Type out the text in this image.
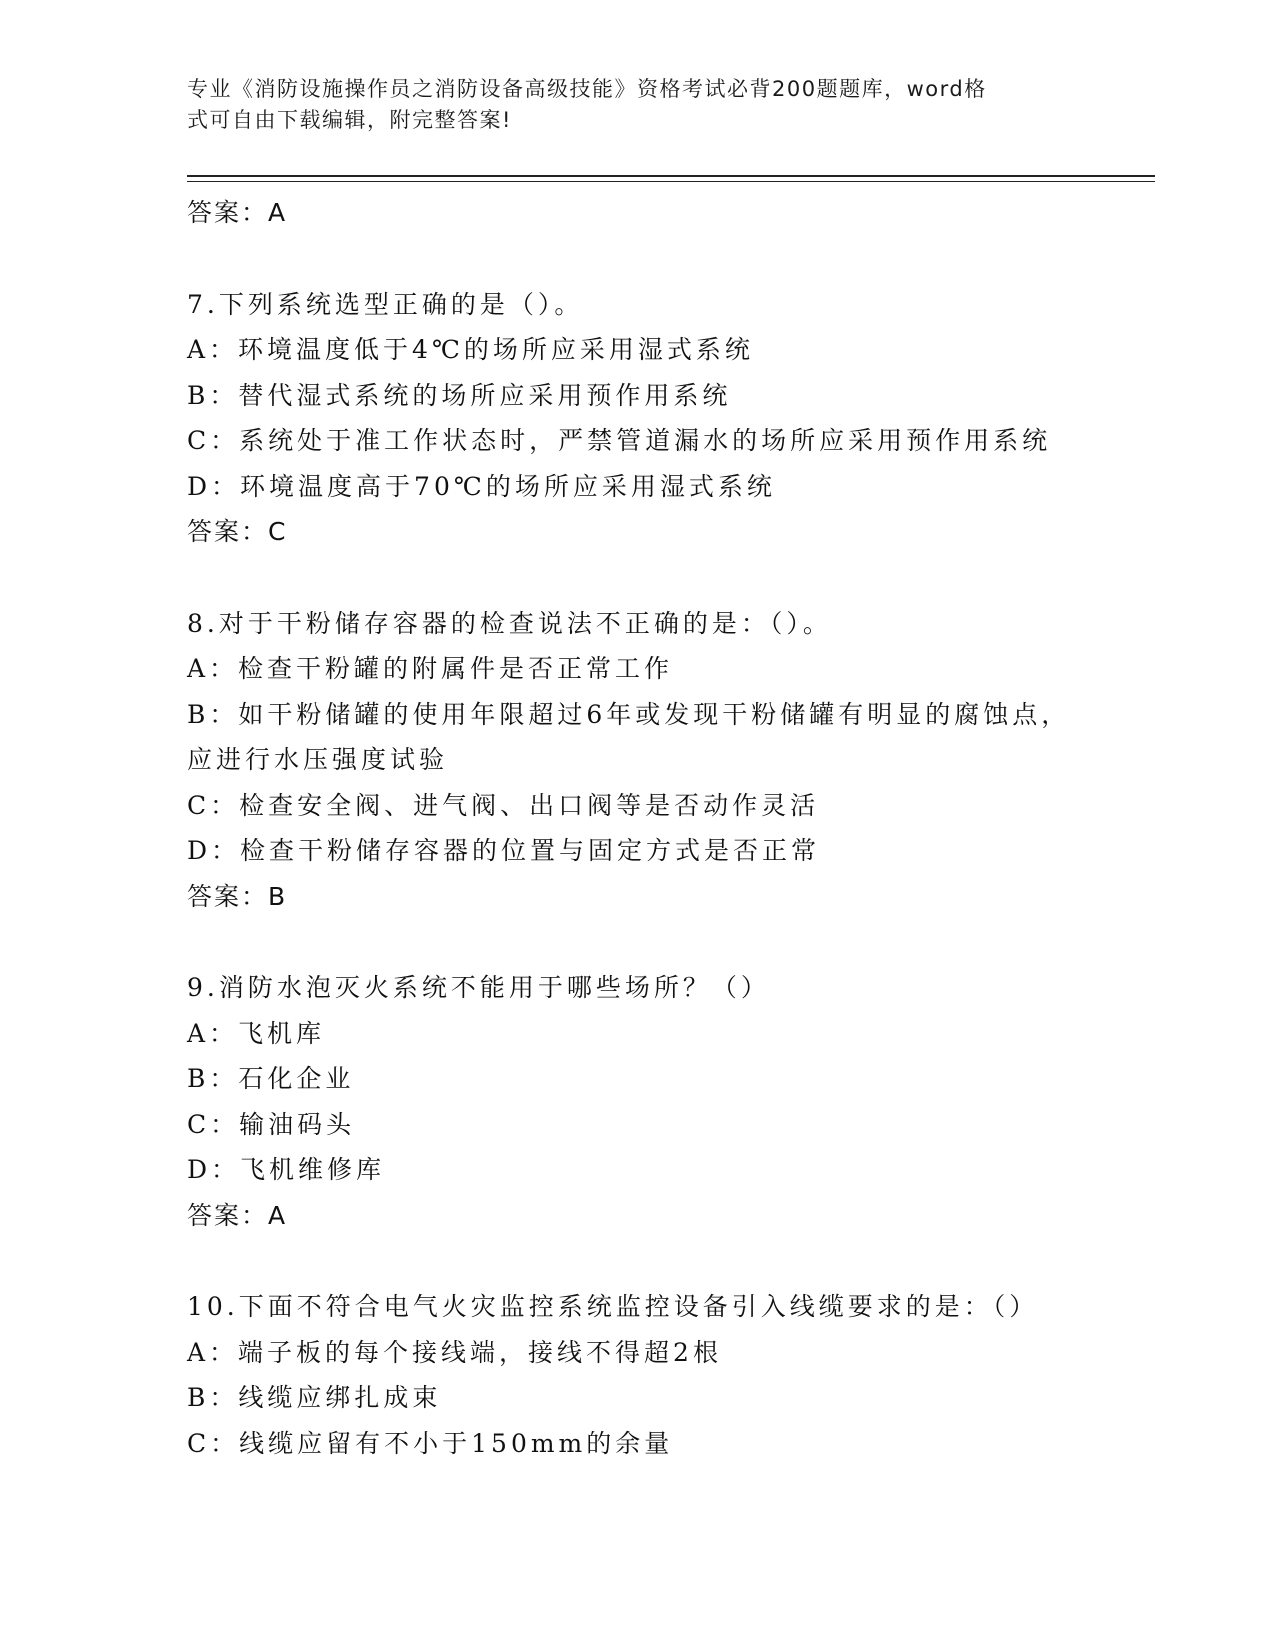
专业《消防设施操作员之消防设备高级技能》资格考试必背200题题库，word格
式可自由下载编辑，附完整答案!
答案：A
7.下列系统选型正确的是（）。
A：环境温度低于4℃的场所应采用湿式系统
B：替代湿式系统的场所应采用预作用系统
C：系统处于准工作状态时，严禁管道漏水的场所应采用预作用系统
D：环境温度高于70℃的场所应采用湿式系统
答案：C
8.对于干粉储存容器的检查说法不正确的是：（）。
A：检查干粉罐的附属件是否正常工作
B：如干粉储罐的使用年限超过6年或发现干粉储罐有明显的腐蚀点，
应进行水压强度试验
C：检查安全阀、进气阀、出口阀等是否动作灵活
D：检查干粉储存容器的位置与固定方式是否正常
答案：B
9.消防水泡灭火系统不能用于哪些场所？（）
A：飞机库
B：石化企业
C：输油码头
D：飞机维修库
答案：A
10.下面不符合电气火灾监控系统监控设备引入线缆要求的是：（）
A：端子板的每个接线端，接线不得超2根
B：线缆应绑扎成束
C：线缆应留有不小于150mm的余量
